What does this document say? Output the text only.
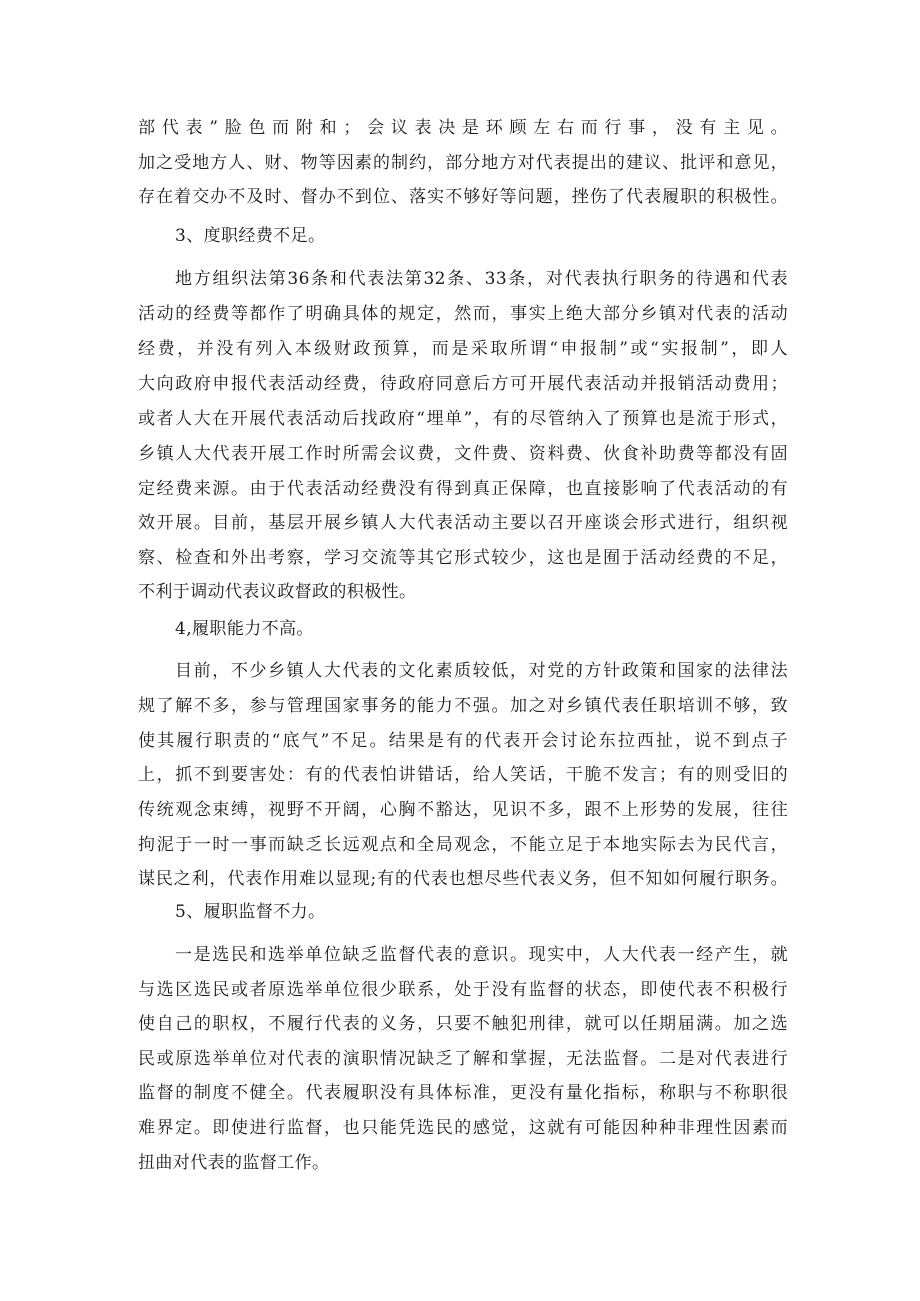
部代表”脸色而附和；会议表决是环顾左右而行事，没有主见。
加之受地方人、财、物等因素的制约，部分地方对代表提出的建议、批评和意见，
存在着交办不及时、督办不到位、落实不够好等问题，挫伤了代表履职的积极性。
3、度职经费不足。
地方组织法第36条和代表法第32条、33条，对代表执行职务的待遇和代表
活动的经费等都作了明确具体的规定，然而，事实上绝大部分乡镇对代表的活动
经费，并没有列入本级财政预算，而是采取所谓“申报制”或“实报制”，即人
大向政府申报代表活动经费，待政府同意后方可开展代表活动并报销活动费用；
或者人大在开展代表活动后找政府“埋单”，有的尽管纳入了预算也是流于形式，
乡镇人大代表开展工作时所需会议费，文件费、资料费、伙食补助费等都没有固
定经费来源。由于代表活动经费没有得到真正保障，也直接影响了代表活动的有
效开展。目前，基层开展乡镇人大代表活动主要以召开座谈会形式进行，组织视
察、检查和外出考察，学习交流等其它形式较少，这也是囿于活动经费的不足，
不利于调动代表议政督政的积极性。
4,履职能力不高。
目前，不少乡镇人大代表的文化素质较低，对党的方针政策和国家的法律法
规了解不多，参与管理国家事务的能力不强。加之对乡镇代表任职培训不够，致
使其履行职责的“底气”不足。结果是有的代表开会讨论东拉西扯，说不到点子
上，抓不到要害处：有的代表怕讲错话，给人笑话，干脆不发言；有的则受旧的
传统观念束缚，视野不开阔，心胸不豁达，见识不多，跟不上形势的发展，往往
拘泥于一时一事而缺乏长远观点和全局观念，不能立足于本地实际去为民代言，
谋民之利，代表作用难以显现;有的代表也想尽些代表义务，但不知如何履行职务。
5、履职监督不力。
一是选民和选举单位缺乏监督代表的意识。现实中，人大代表一经产生，就
与选区选民或者原选举单位很少联系，处于没有监督的状态，即使代表不积极行
使自己的职权，不履行代表的义务，只要不触犯刑律，就可以任期届满。加之选
民或原选举单位对代表的演职情况缺乏了解和掌握，无法监督。二是对代表进行
监督的制度不健全。代表履职没有具体标准，更没有量化指标，称职与不称职很
难界定。即使进行监督，也只能凭选民的感觉，这就有可能因种种非理性因素而
扭曲对代表的监督工作。
